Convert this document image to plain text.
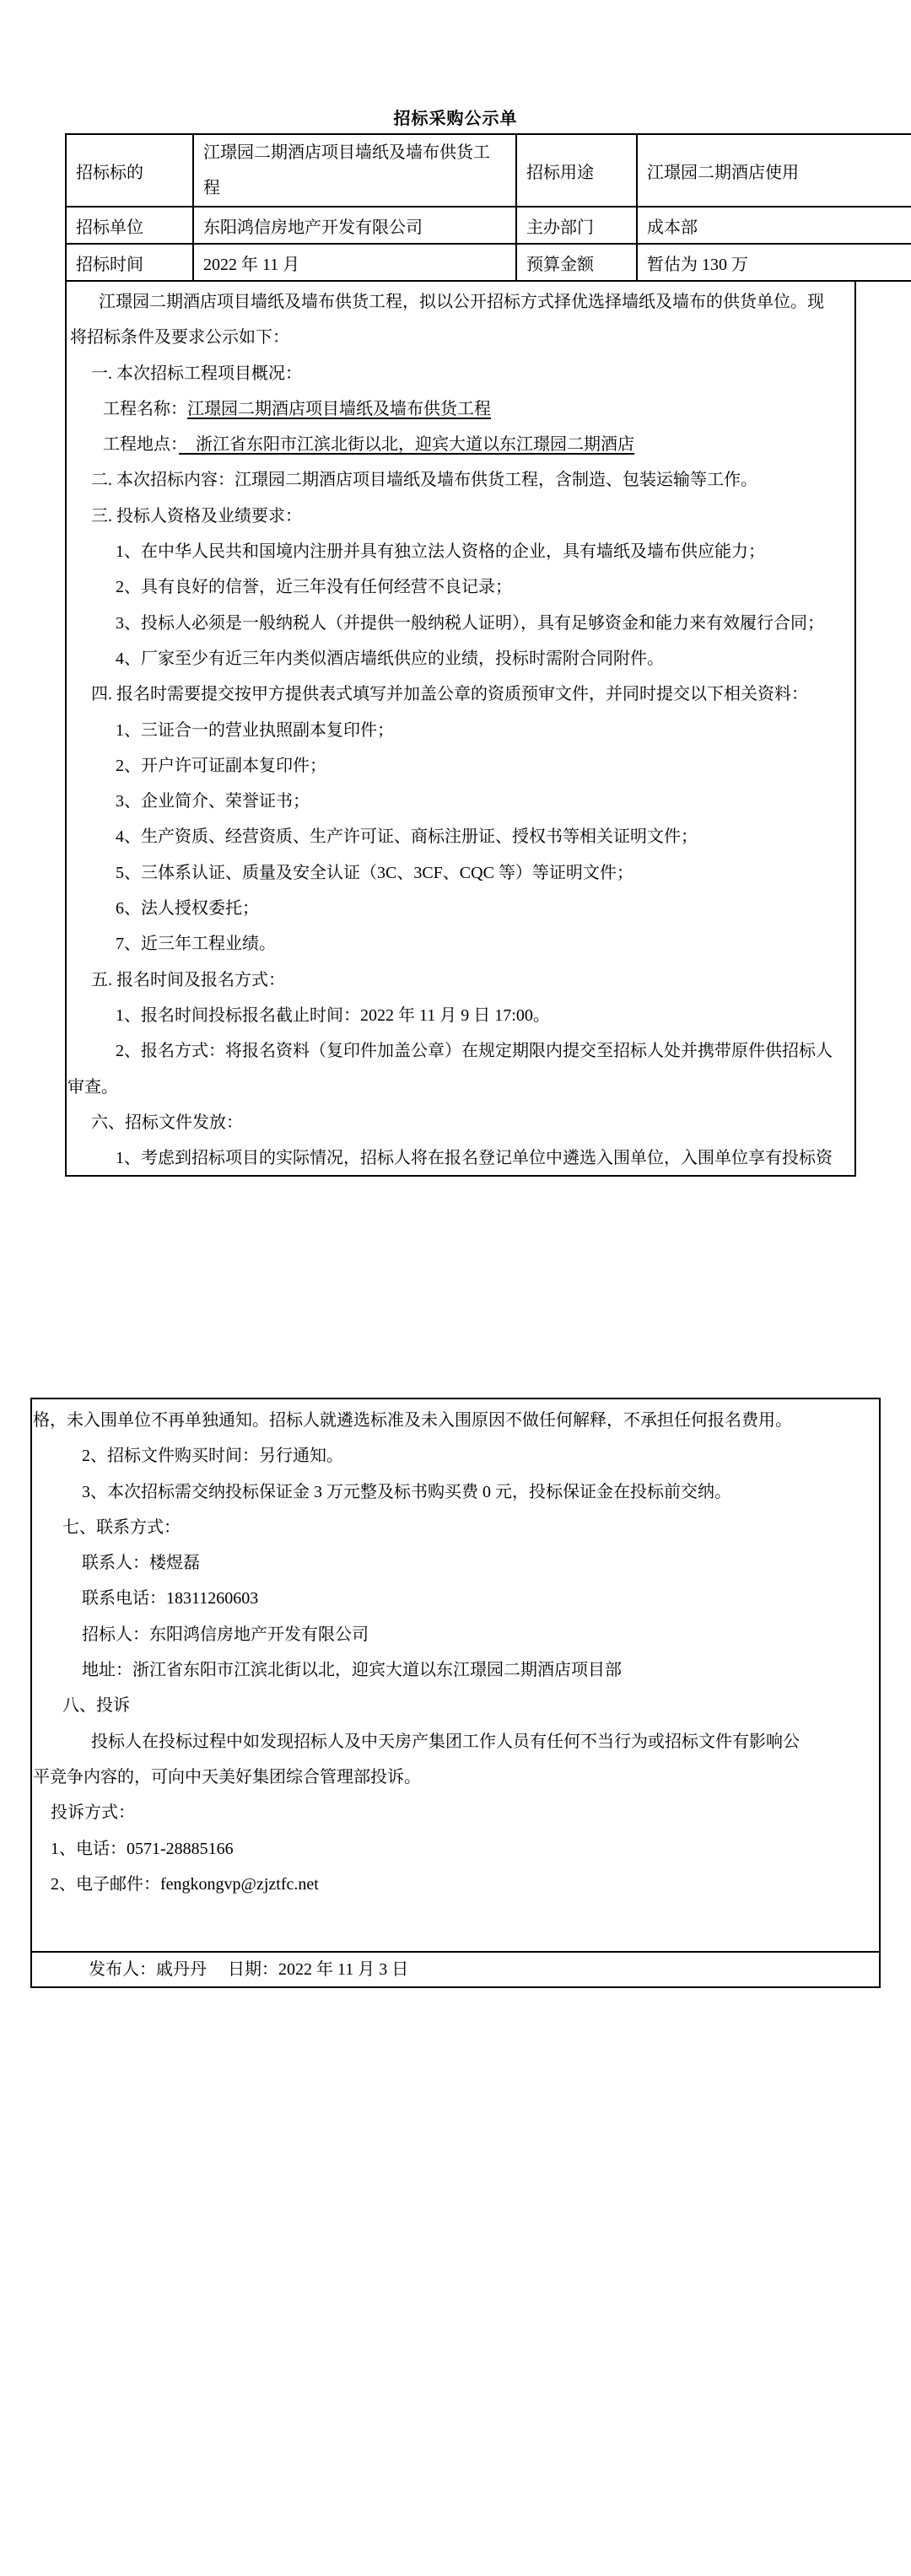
招标采购公示单
招标标的	江璟园二期酒店项目墙纸及墙布供货工程	招标用途	江璟园二期酒店使用
招标单位	东阳鸿信房地产开发有限公司	主办部门	成本部
招标时间	2022 年 11 月	预算金额	暂估为 130 万
江璟园二期酒店项目墙纸及墙布供货工程，拟以公开招标方式择优选择墙纸及墙布的供货单位。现
将招标条件及要求公示如下：
一. 本次招标工程项目概况：
工程名称：江璟园二期酒店项目墙纸及墙布供货工程
工程地点：　浙江省东阳市江滨北街以北，迎宾大道以东江璟园二期酒店
二. 本次招标内容：江璟园二期酒店项目墙纸及墙布供货工程，含制造、包装运输等工作。
三. 投标人资格及业绩要求：
1、在中华人民共和国境内注册并具有独立法人资格的企业，具有墙纸及墙布供应能力；
2、具有良好的信誉，近三年没有任何经营不良记录；
3、投标人必须是一般纳税人（并提供一般纳税人证明），具有足够资金和能力来有效履行合同；
4、厂家至少有近三年内类似酒店墙纸供应的业绩，投标时需附合同附件。
四. 报名时需要提交按甲方提供表式填写并加盖公章的资质预审文件，并同时提交以下相关资料：
1、三证合一的营业执照副本复印件；
2、开户许可证副本复印件；
3、企业简介、荣誉证书；
4、生产资质、经营资质、生产许可证、商标注册证、授权书等相关证明文件；
5、三体系认证、质量及安全认证（3C、3CF、CQC 等）等证明文件；
6、法人授权委托；
7、近三年工程业绩。
五. 报名时间及报名方式：
1、报名时间投标报名截止时间：2022 年 11 月 9 日 17:00。
2、报名方式：将报名资料（复印件加盖公章）在规定期限内提交至招标人处并携带原件供招标人
审查。
六、招标文件发放：
1、考虑到招标项目的实际情况，招标人将在报名登记单位中遴选入围单位，入围单位享有投标资
格，未入围单位不再单独通知。招标人就遴选标准及未入围原因不做任何解释，不承担任何报名费用。
2、招标文件购买时间：另行通知。
3、本次招标需交纳投标保证金 3 万元整及标书购买费 0 元，投标保证金在投标前交纳。
七、联系方式：
联系人：楼煜磊
联系电话：18311260603
招标人：东阳鸿信房地产开发有限公司
地址：浙江省东阳市江滨北街以北，迎宾大道以东江璟园二期酒店项目部
八、投诉
投标人在投标过程中如发现招标人及中天房产集团工作人员有任何不当行为或招标文件有影响公
平竞争内容的，可向中天美好集团综合管理部投诉。
投诉方式：
1、电话：0571-28885166
2、电子邮件：fengkongvp@zjztfc.net
发布人：戚丹丹 日期：2022 年 11 月 3 日
